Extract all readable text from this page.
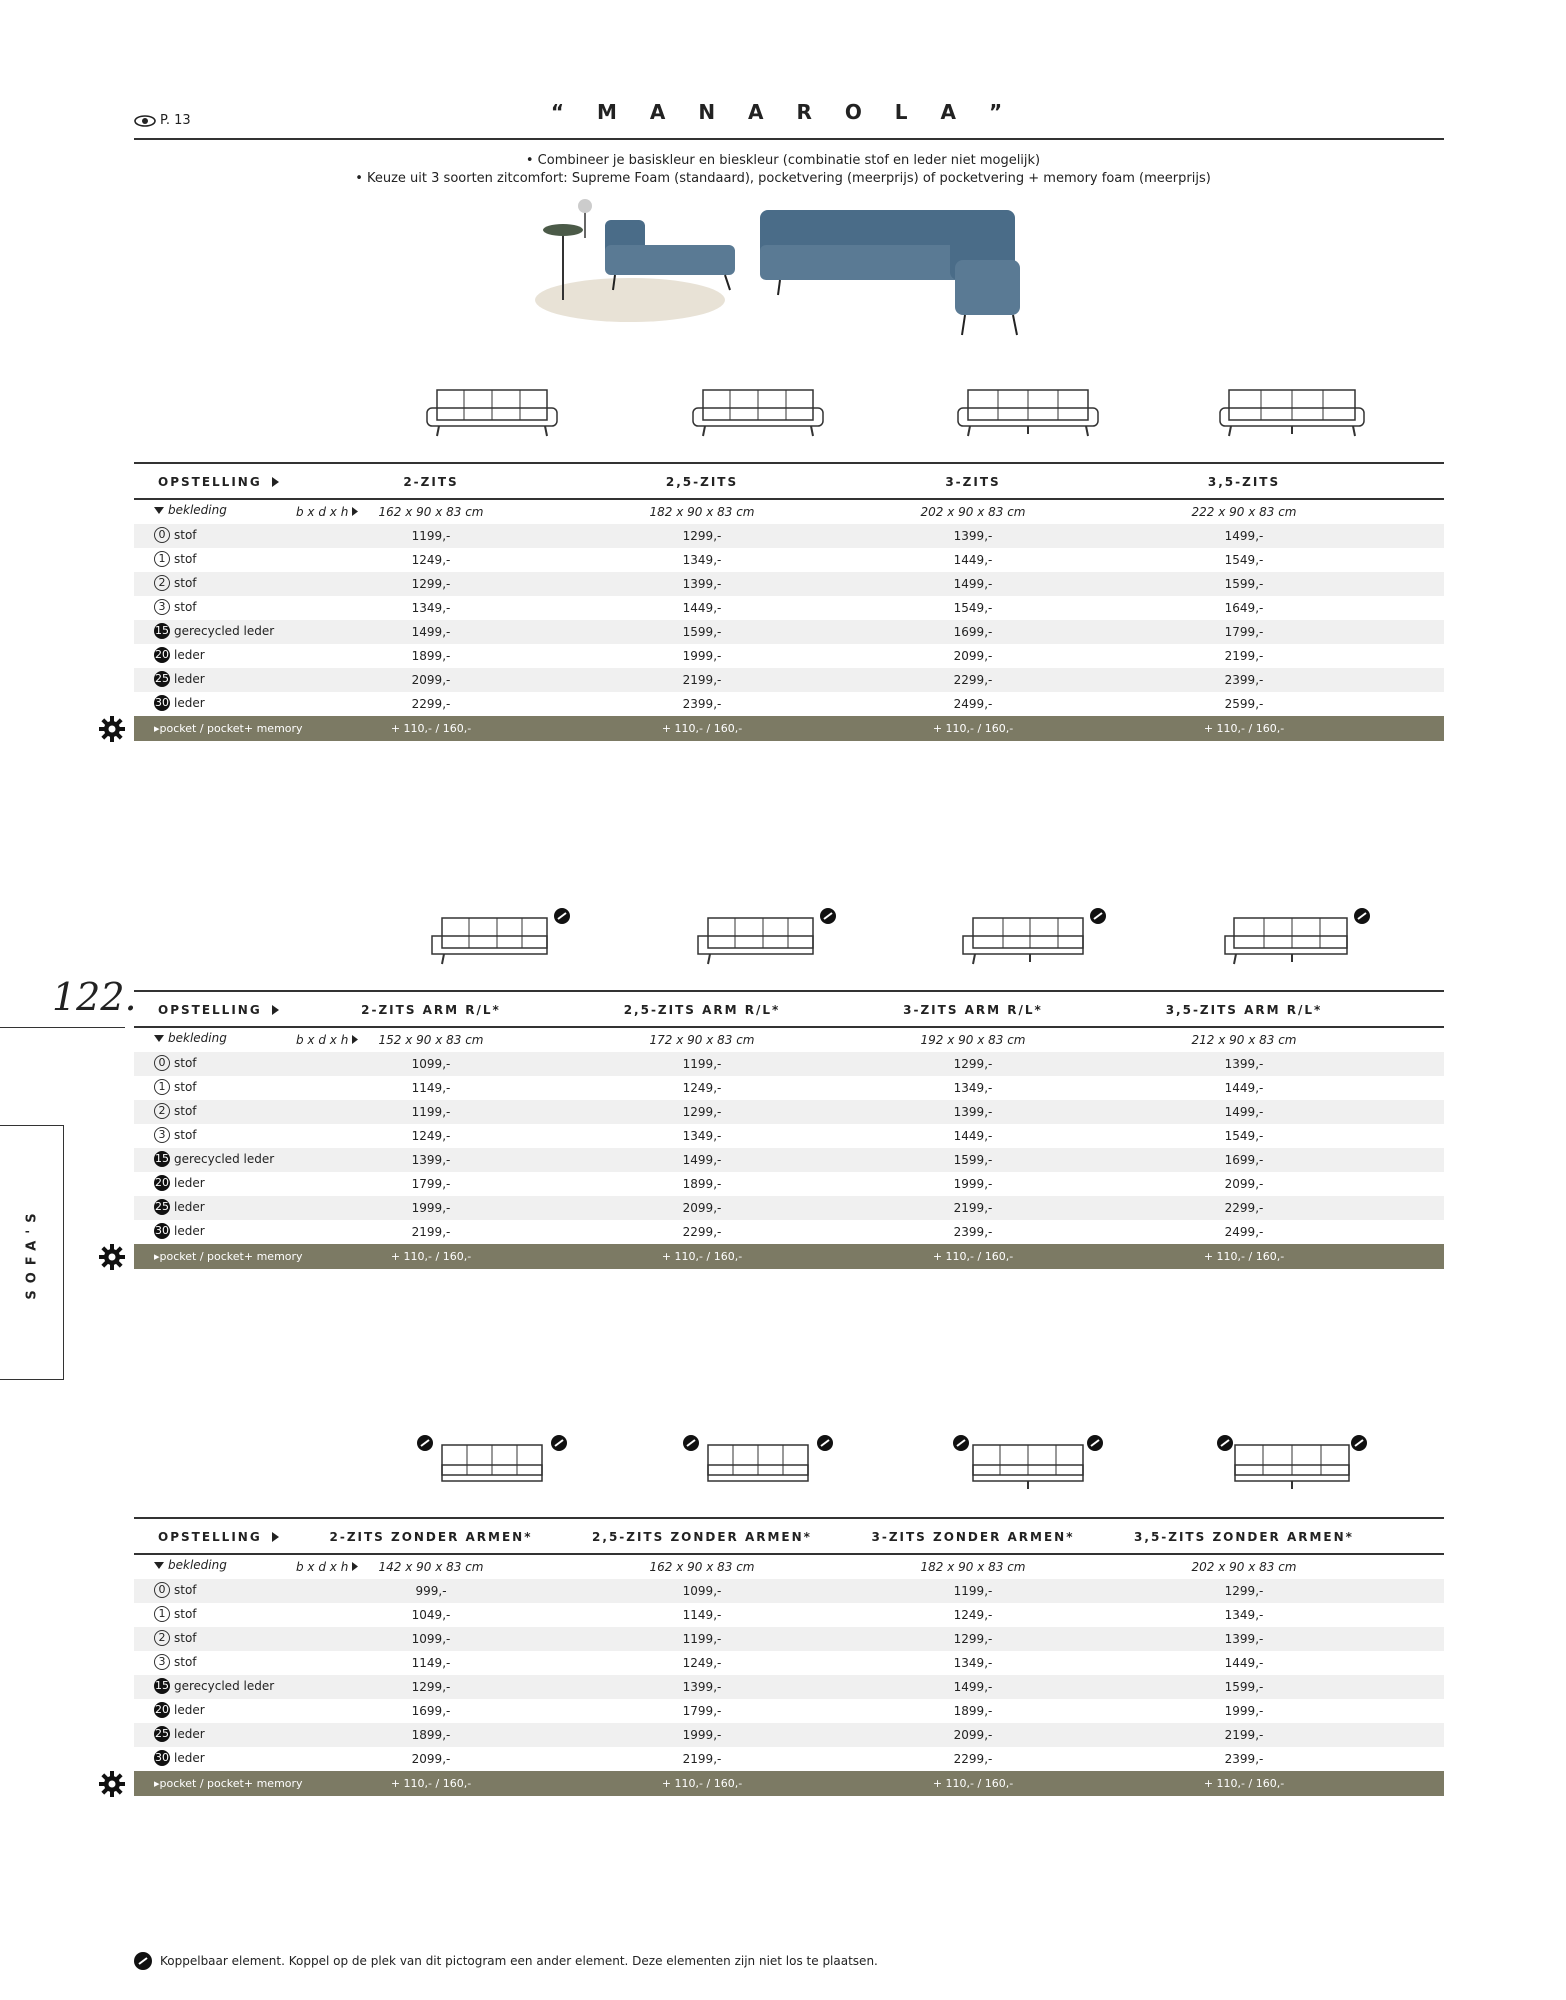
P. 13	“ M A N A R O L A ”
• Combineer je basiskleur en bieskleur (combinatie stof en leder niet mogelijk)
• Keuze uit 3 soorten zitcomfort: Supreme Foam (standaard), pocketvering (meerprijs) of pocketvering + memory foam (meerprijs)
122.
SOFA'S
OPSTELLING	2-ZITS	2,5-ZITS	3-ZITS	3,5-ZITS
bekleding	b x d x h	162 x 90 x 83 cm	182 x 90 x 83 cm	202 x 90 x 83 cm	222 x 90 x 83 cm
0 stof	1199,-	1299,-	1399,-	1499,-
1 stof	1249,-	1349,-	1449,-	1549,-
2 stof	1299,-	1399,-	1499,-	1599,-
3 stof	1349,-	1449,-	1549,-	1649,-
15 gerecycled leder	1499,-	1599,-	1699,-	1799,-
20 leder	1899,-	1999,-	2099,-	2199,-
25 leder	2099,-	2199,-	2299,-	2399,-
30 leder	2299,-	2399,-	2499,-	2599,-
▸pocket / pocket+ memory	+ 110,- / 160,-	+ 110,- / 160,-	+ 110,- / 160,-	+ 110,- / 160,-
OPSTELLING	2-ZITS ARM R/L*	2,5-ZITS ARM R/L*	3-ZITS ARM R/L*	3,5-ZITS ARM R/L*
bekleding	b x d x h	152 x 90 x 83 cm	172 x 90 x 83 cm	192 x 90 x 83 cm	212 x 90 x 83 cm
0 stof	1099,-	1199,-	1299,-	1399,-
1 stof	1149,-	1249,-	1349,-	1449,-
2 stof	1199,-	1299,-	1399,-	1499,-
3 stof	1249,-	1349,-	1449,-	1549,-
15 gerecycled leder	1399,-	1499,-	1599,-	1699,-
20 leder	1799,-	1899,-	1999,-	2099,-
25 leder	1999,-	2099,-	2199,-	2299,-
30 leder	2199,-	2299,-	2399,-	2499,-
▸pocket / pocket+ memory	+ 110,- / 160,-	+ 110,- / 160,-	+ 110,- / 160,-	+ 110,- / 160,-
OPSTELLING	2-ZITS ZONDER ARMEN*	2,5-ZITS ZONDER ARMEN*	3-ZITS ZONDER ARMEN*	3,5-ZITS ZONDER ARMEN*
bekleding	b x d x h	142 x 90 x 83 cm	162 x 90 x 83 cm	182 x 90 x 83 cm	202 x 90 x 83 cm
0 stof	999,-	1099,-	1199,-	1299,-
1 stof	1049,-	1149,-	1249,-	1349,-
2 stof	1099,-	1199,-	1299,-	1399,-
3 stof	1149,-	1249,-	1349,-	1449,-
15 gerecycled leder	1299,-	1399,-	1499,-	1599,-
20 leder	1699,-	1799,-	1899,-	1999,-
25 leder	1899,-	1999,-	2099,-	2199,-
30 leder	2099,-	2199,-	2299,-	2399,-
▸pocket / pocket+ memory	+ 110,- / 160,-	+ 110,- / 160,-	+ 110,- / 160,-	+ 110,- / 160,-
Koppelbaar element. Koppel op de plek van dit pictogram een ander element. Deze elementen zijn niet los te plaatsen.
